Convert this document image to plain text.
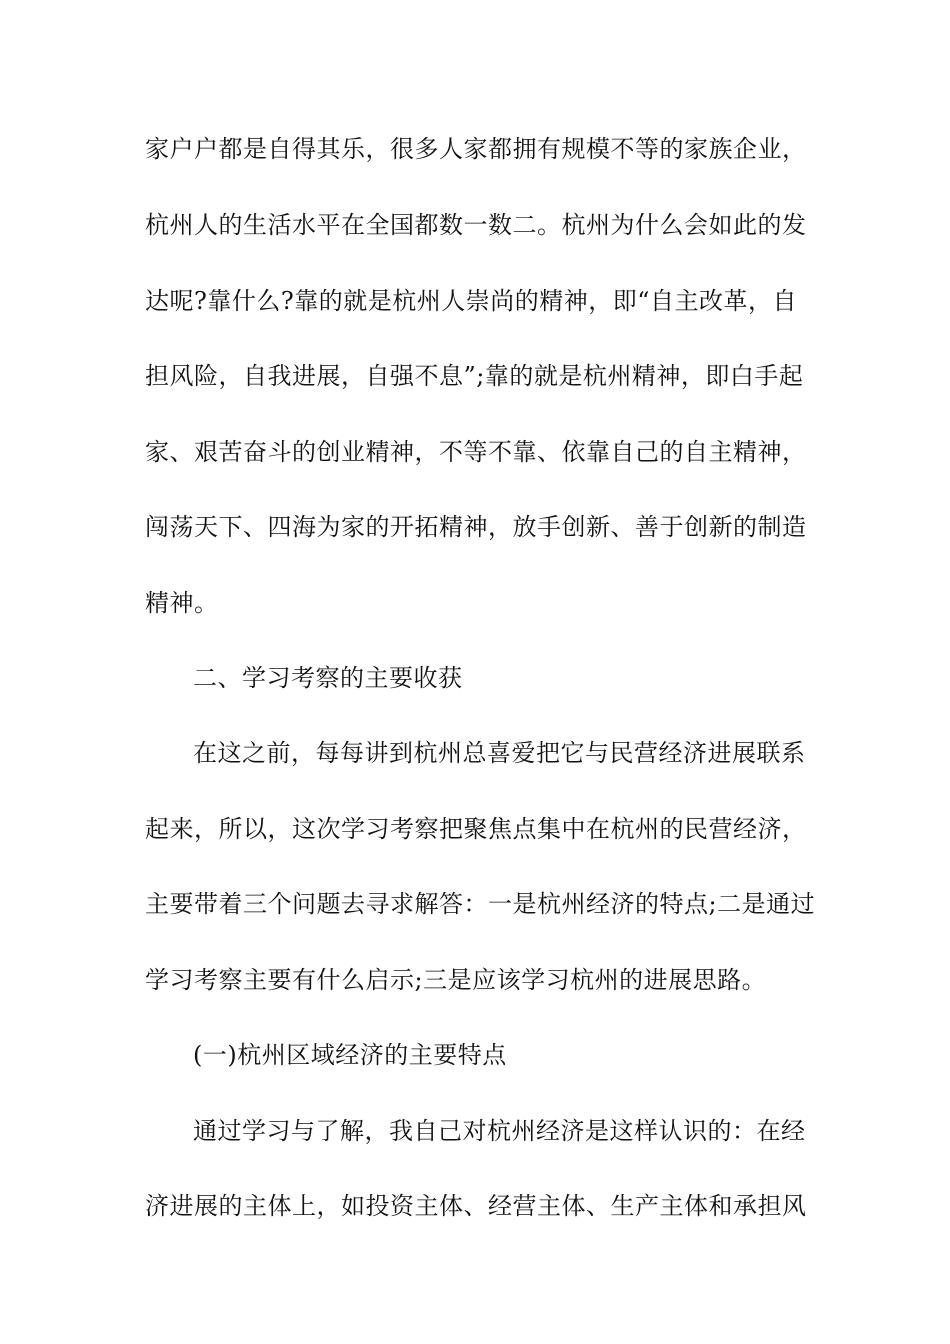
家户户都是自得其乐，很多人家都拥有规模不等的家族企业，
杭州人的生活水平在全国都数一数二。杭州为什么会如此的发
达呢?靠什么?靠的就是杭州人崇尚的精神，即“自主改革，自
担风险，自我进展，自强不息”;靠的就是杭州精神，即白手起
家、艰苦奋斗的创业精神，不等不靠、依靠自己的自主精神，
闯荡天下、四海为家的开拓精神，放手创新、善于创新的制造
精神。
二、学习考察的主要收获
在这之前，每每讲到杭州总喜爱把它与民营经济进展联系
起来，所以，这次学习考察把聚焦点集中在杭州的民营经济，
主要带着三个问题去寻求解答：一是杭州经济的特点;二是通过
学习考察主要有什么启示;三是应该学习杭州的进展思路。
(一)杭州区域经济的主要特点
通过学习与了解，我自己对杭州经济是这样认识的：在经
济进展的主体上，如投资主体、经营主体、生产主体和承担风
